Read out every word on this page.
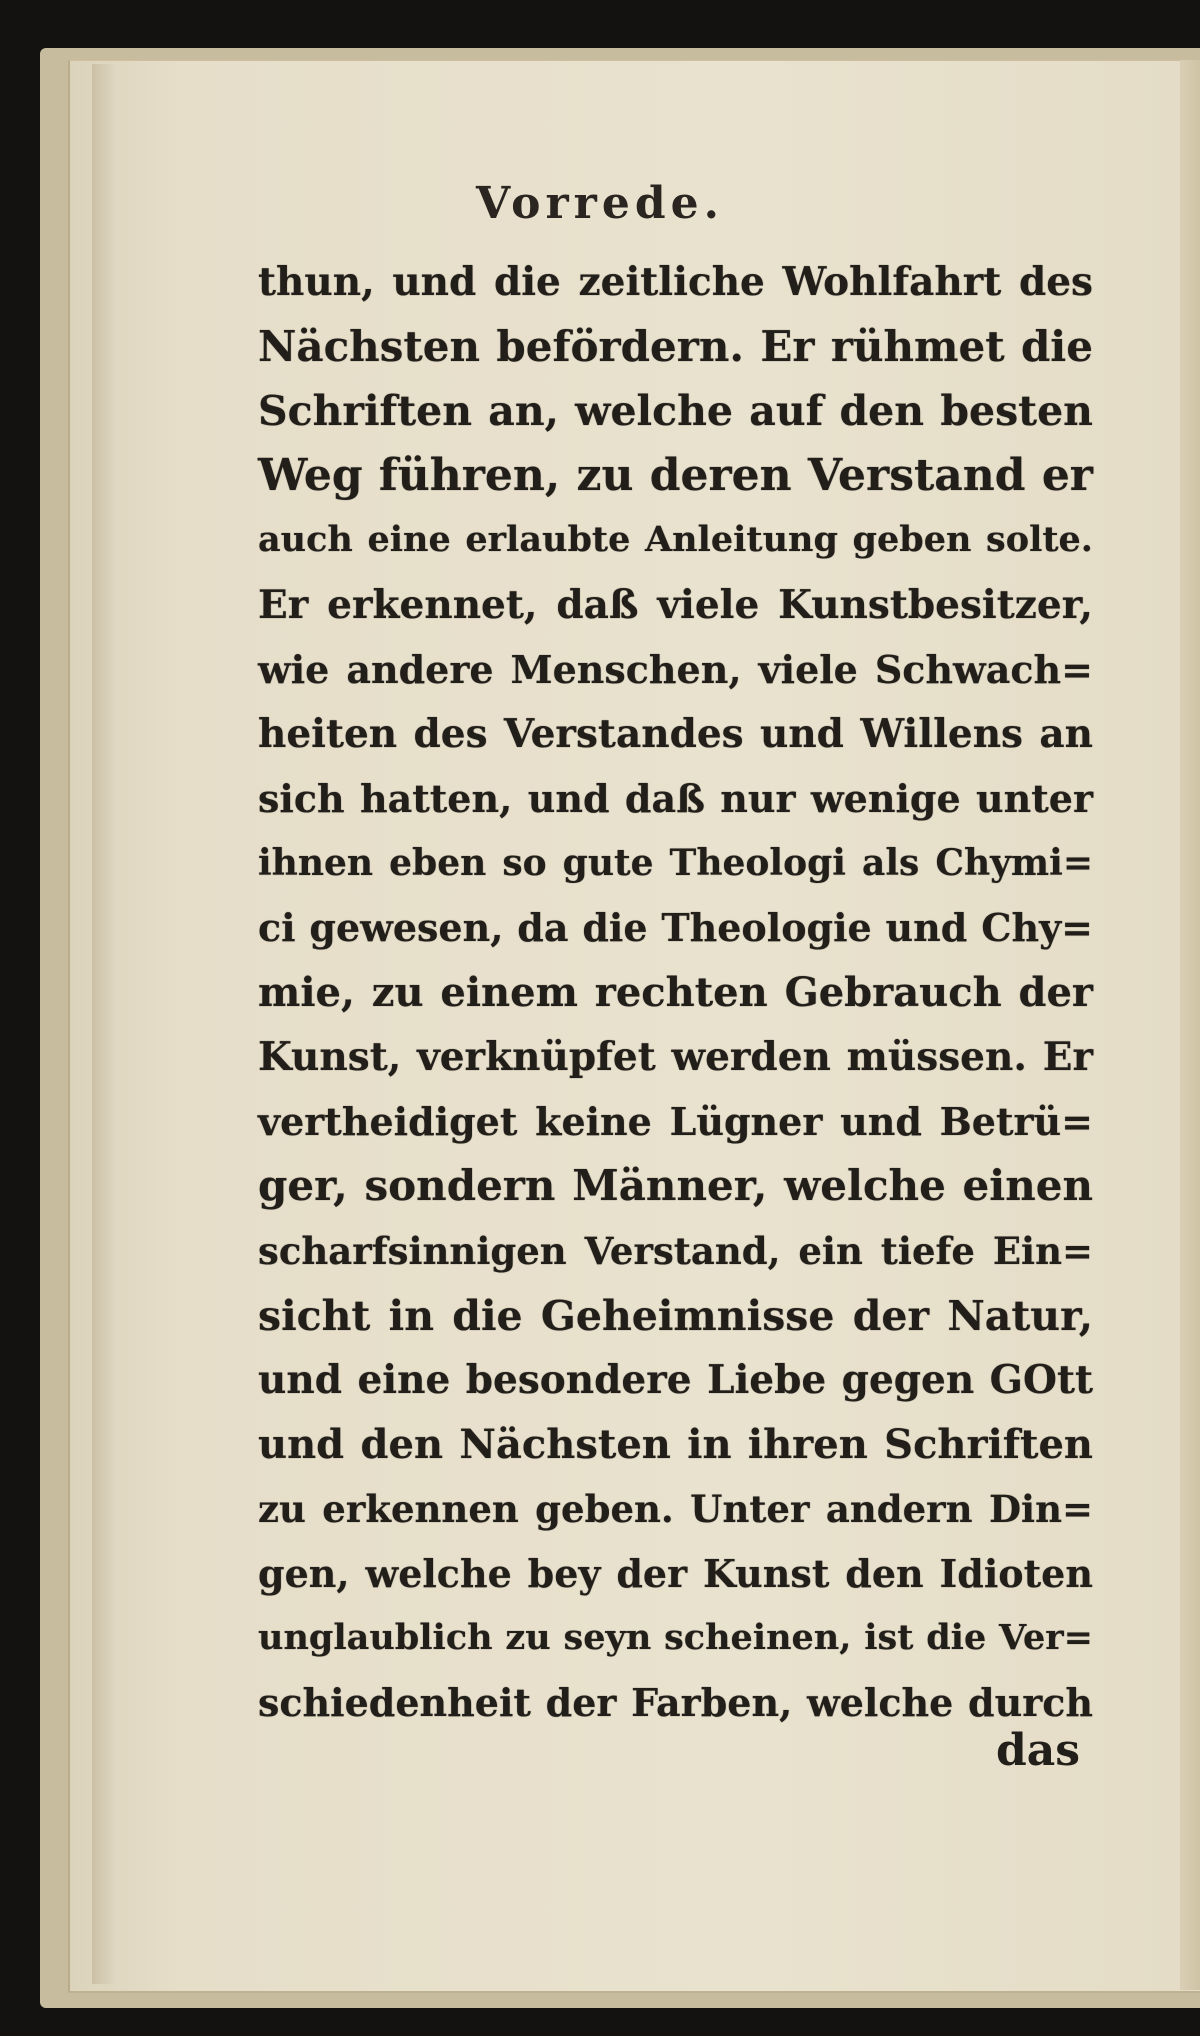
Vorrede.
thun, und die zeitliche Wohlfahrt des
Nächsten befördern. Er rühmet die
Schriften an, welche auf den besten
Weg führen, zu deren Verstand er
auch eine erlaubte Anleitung geben solte.
Er erkennet, daß viele Kunstbesitzer,
wie andere Menschen, viele Schwach=
heiten des Verstandes und Willens an
sich hatten, und daß nur wenige unter
ihnen eben so gute Theologi als Chymi=
ci gewesen, da die Theologie und Chy=
mie, zu einem rechten Gebrauch der
Kunst, verknüpfet werden müssen. Er
vertheidiget keine Lügner und Betrü=
ger, sondern Männer, welche einen
scharfsinnigen Verstand, ein tiefe Ein=
sicht in die Geheimnisse der Natur,
und eine besondere Liebe gegen GOtt
und den Nächsten in ihren Schriften
zu erkennen geben. Unter andern Din=
gen, welche bey der Kunst den Idioten
unglaublich zu seyn scheinen, ist die Ver=
schiedenheit der Farben, welche durch
das
